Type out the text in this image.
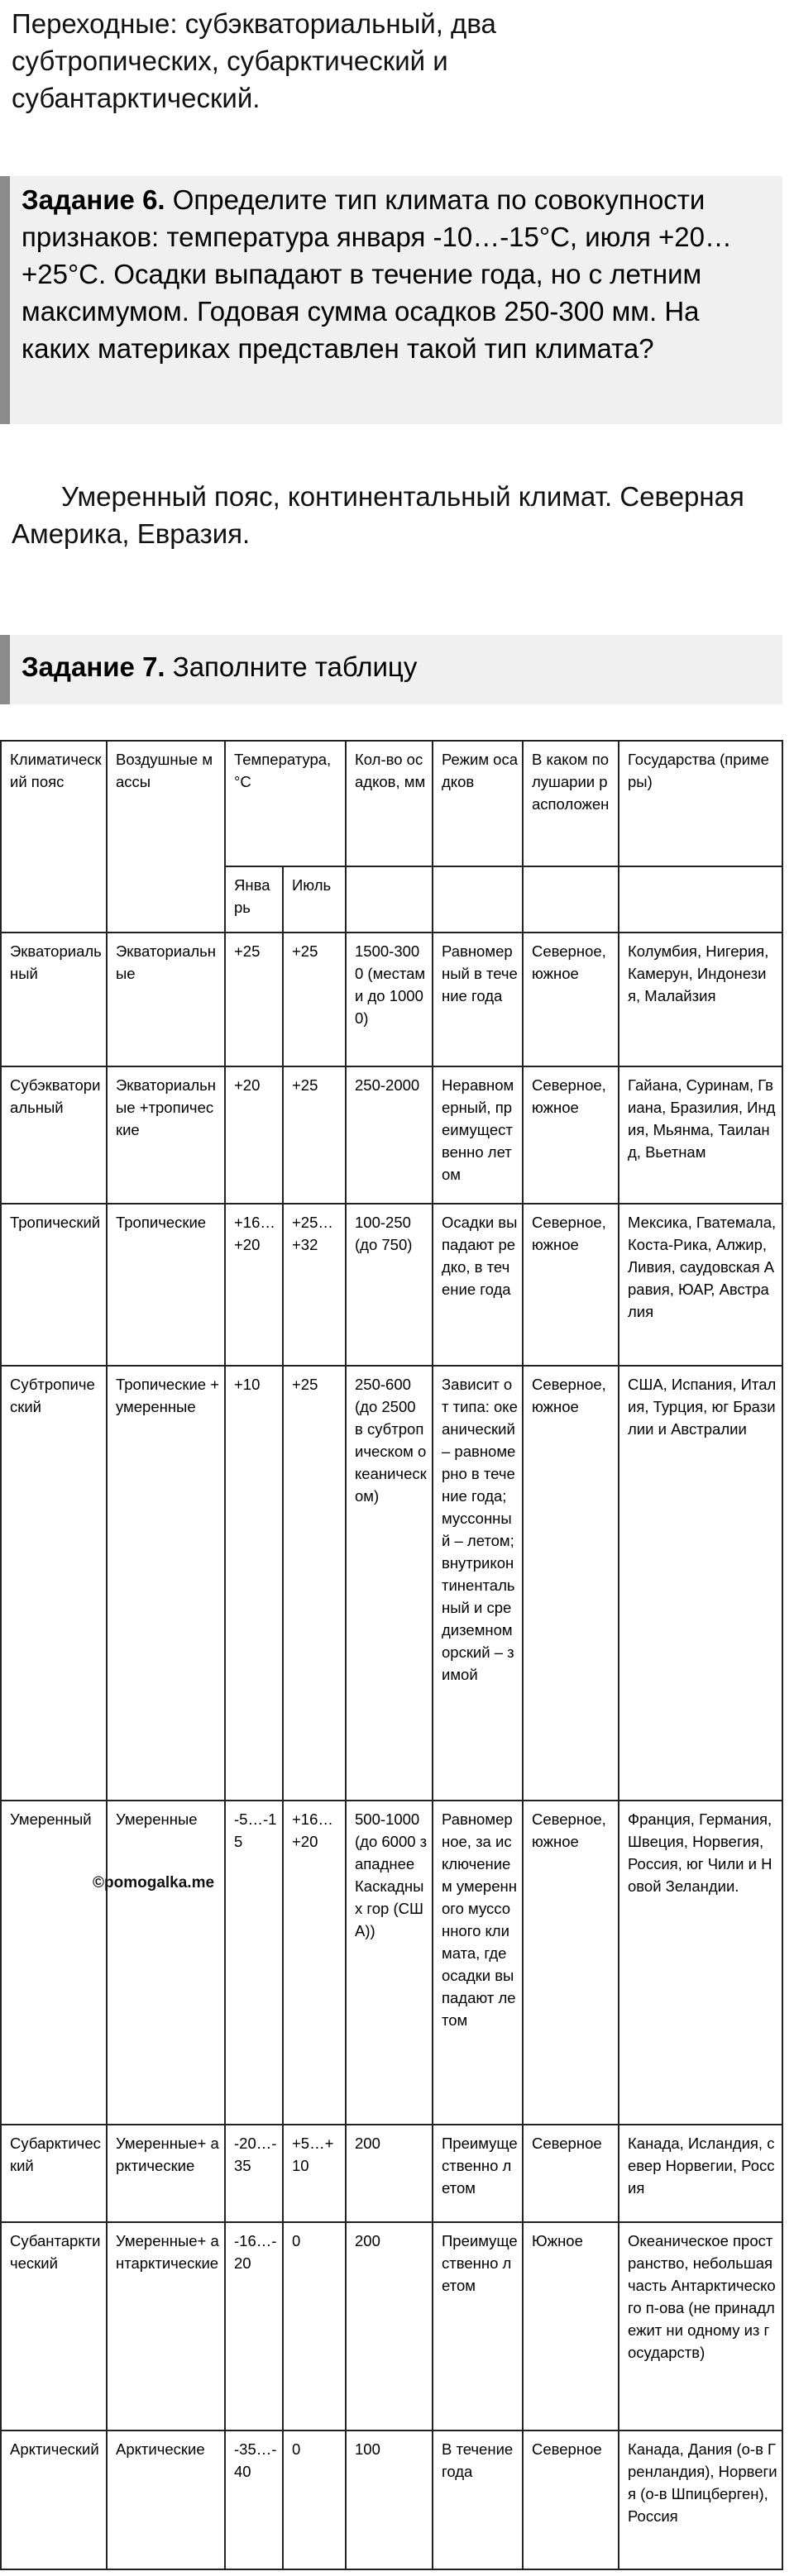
Переходные: субэкваториальный, два субтропических, субарктический и субантарктический.
Задание 6. Определите тип климата по совокупности признаков: температура января -10…-15°С, июля +20…+25°С. Осадки выпадают в течение года, но с летним максимумом. Годовая сумма осадков 250-300 мм. На каких материках представлен такой тип климата?
Умеренный пояс, континентальный климат. Северная Америка, Евразия.
Задание 7. Заполните таблицу
Климатический пояс	Воздушные массы	Температура, °С		Кол-во осадков, мм	Режим осадков	В каком полушарии расположен	Государства (примеры)
		Январь	Июль				
Экваториальный	Экваториальные	+25	+25	1500-3000 (местами до 10000)	Равномерный в течение года	Северное, южное	Колумбия, Нигерия, Камерун, Индонезия, Малайзия
Субэкваториальный	Экваториальные +тропические	+20	+25	250-2000	Неравномерный, преимущественно летом	Северное, южное	Гайана, Суринам, Гвиана, Бразилия, Индия, Мьянма, Таиланд, Вьетнам
Тропический	Тропические	+16…+20	+25…+32	100-250 (до 750)	Осадки выпадают редко, в течение года	Северное, южное	Мексика, Гватемала, Коста-Рика, Алжир, Ливия, саудовская Аравия, ЮАР, Австралия
Субтропический	Тропические + умеренные	+10	+25	250-600 (до 2500 в субтропическом океаническом)	Зависит от типа: океанический – равномерно в течение года; муссонный – летом; внутриконтинентальный и средиземноморский – зимой	Северное, южное	США, Испания, Италия, Турция, юг Бразилии и Австралии
Умеренный	Умеренные	-5…-15	+16…+20	500-1000 (до 6000 западнее Каскадных гор (США))	Равномерное, за исключением умеренного муссонного климата, где осадки выпадают летом	Северное, южное	Франция, Германия, Швеция, Норвегия, Россия, юг Чили и Новой Зеландии.
Субарктический	Умеренные+ арктические	-20…-35	+5…+10	200	Преимущественно летом	Северное	Канада, Исландия, север Норвегии, Россия
Субантарктический	Умеренные+ антарктические	-16…-20	0	200	Преимущественно летом	Южное	Океаническое пространство, небольшая часть Антарктического п-ова (не принадлежит ни одному из государств)
Арктический	Арктические	-35…-40	0	100	В течение года	Северное	Канада, Дания (о-в Гренландия), Норвегия (о-в Шпицберген), Россия
©pomogalka.me
